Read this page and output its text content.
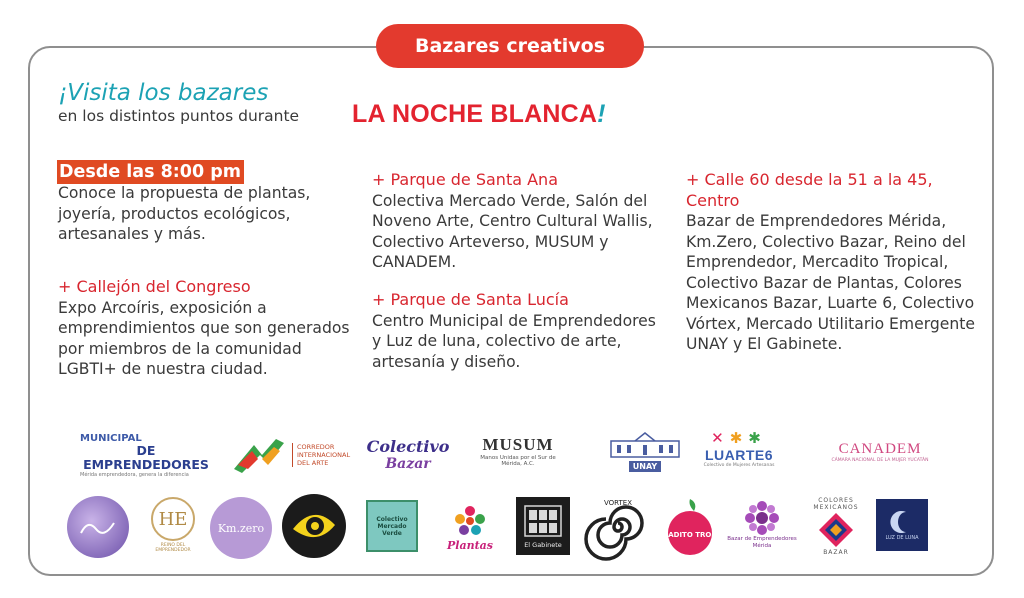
Bazares creativos
¡Visita los bazares
en los distintos puntos durante LA NOCHE BLANCA!
Desde las 8:00 pm
Conoce la propuesta de plantas, joyería, productos ecológicos, artesanales y más.
+ Callejón del Congreso
Expo Arcoíris, exposición a emprendimientos que son generados por miembros de la comunidad LGBTI+ de nuestra ciudad.
+ Parque de Santa Ana
Colectiva Mercado Verde, Salón del Noveno Arte, Centro Cultural Wallis, Colectivo Arteverso, MUSUM y CANADEM.
+ Parque de Santa Lucía
Centro Municipal de Emprendedores y Luz de luna, colectivo de arte, artesanía y diseño.
+ Calle 60 desde la 51 a la 45, Centro
Bazar de Emprendedores Mérida, Km.Zero, Colectivo Bazar, Reino del Emprendedor, Mercadito Tropical, Colectivo Bazar de Plantas, Colores Mexicanos Bazar, Luarte 6, Colectivo Vórtex, Mercado Utilitario Emergente UNAY y El Gabinete.
MUNICIPAL
DE EMPRENDEDORES
Mérida emprendedora, genera la diferencia
CORREDOR INTERNACIONAL DEL ARTE
Colectivo
Bazar
MUSUM
Manos Unidas por el Sur de Mérida, A.C.	UNAY
✕✱✱
LUARTE6
Colectivo de Mujeres Artesanas
CANADEM
CÁMARA NACIONAL DE LA MUJER YUCATÁN
HE
REINO DEL EMPRENDEDOR
Km.zero
Colectivo Mercado Verde
Plantas	El Gabinete
VORTEX
MERCADITO TROPICAL
Bazar de Emprendedores Mérida
COLORES MEXICANOS
BAZAR
LUZ DE LUNA
